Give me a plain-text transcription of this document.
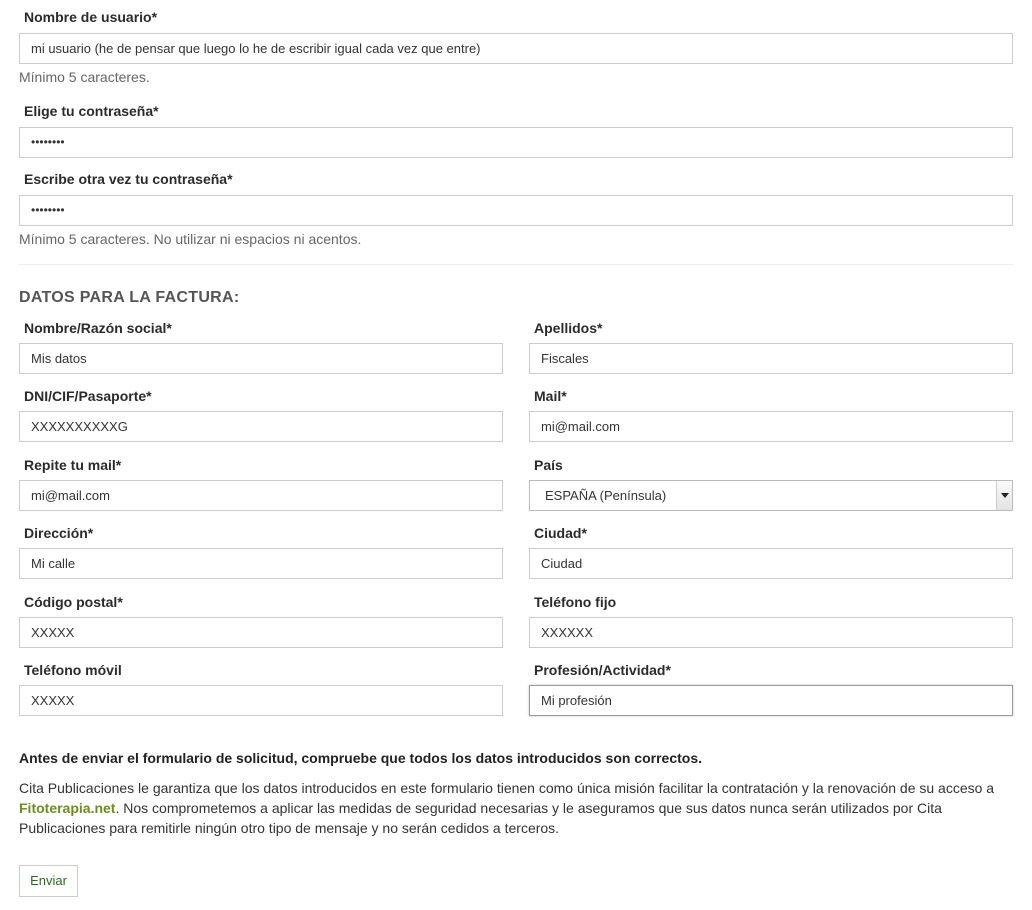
Nombre de usuario*
mi usuario (he de pensar que luego lo he de escribir igual cada vez que entre)
Mínimo 5 caracteres.
Elige tu contraseña*
••••••••
Escribe otra vez tu contraseña*
••••••••
Mínimo 5 caracteres. No utilizar ni espacios ni acentos.
DATOS PARA LA FACTURA:
Nombre/Razón social*
Mis datos
Apellidos*
Fiscales
DNI/CIF/Pasaporte*
XXXXXXXXXXG
Mail*
mi@mail.com
Repite tu mail*
mi@mail.com
País
ESPAÑA (Península)
Dirección*
Mi calle
Ciudad*
Ciudad
Código postal*
XXXXX
Teléfono fijo
XXXXXX
Teléfono móvil
XXXXX
Profesión/Actividad*
Mi profesión
Antes de enviar el formulario de solicitud, compruebe que todos los datos introducidos son correctos.
Cita Publicaciones le garantiza que los datos introducidos en este formulario tienen como única misión facilitar la contratación y la renovación de su acceso a Fitoterapia.net. Nos comprometemos a aplicar las medidas de seguridad necesarias y le aseguramos que sus datos nunca serán utilizados por Cita Publicaciones para remitirle ningún otro tipo de mensaje y no serán cedidos a terceros.
Enviar
